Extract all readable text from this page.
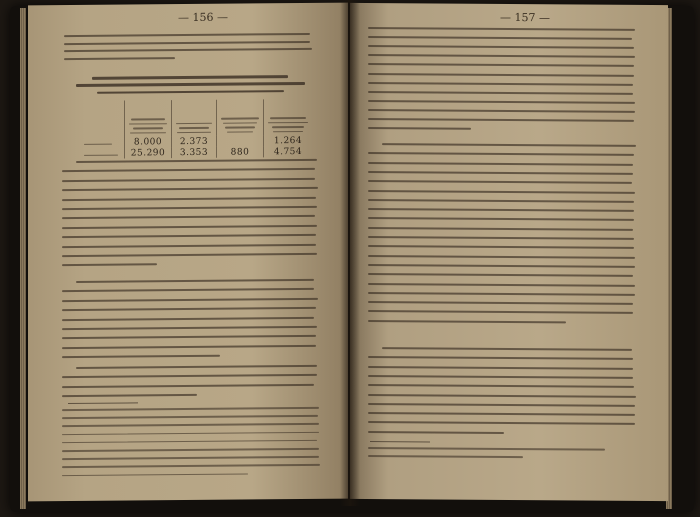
— 156 —

	8.000	2.373		1.264
	25.290	3.353	880	4.754
— 157 —
